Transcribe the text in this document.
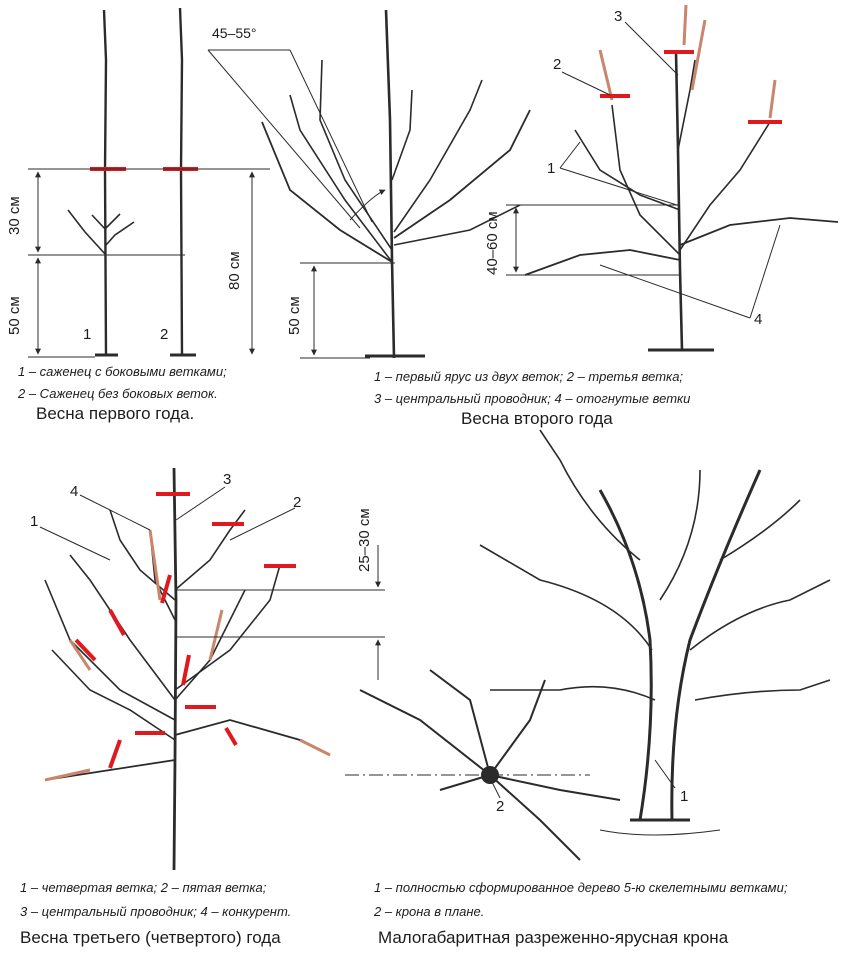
30 см
50 см
80 см
1	2
1 – саженец с боковыми ветками;
2 – Саженец без боковых веток.
Весна первого года.
45–55°
50 см
1 – первый ярус из двух веток; 2 – третья ветка;
3 – центральный проводник; 4 – отогнутые ветки
Весна второго года
40–60 см
1
2
3
4
25–30 см
1
2
3
4
1 – четвертая ветка; 2 – пятая ветка;
3 – центральный проводник; 4 – конкурент.
Весна третьего (четвертого) года
1
2
1 – полностью сформированное дерево 5-ю скелетными ветками;
2 – крона в плане.
Малогабаритная разреженно-ярусная крона
